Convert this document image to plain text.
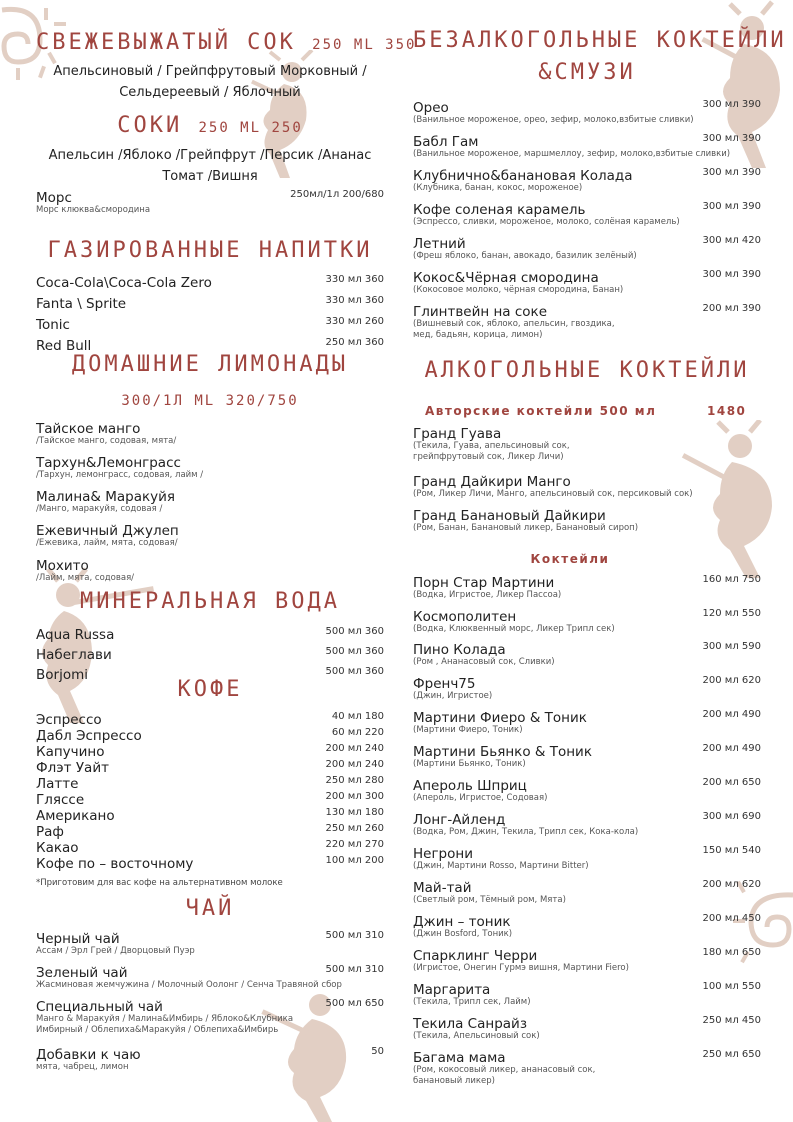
СВЕЖЕВЫЖАТЫЙ СОК 250 ML 350
Апельсиновый / Грейпфрутовый Морковный /
Сельдереевый / Яблочный
СОКИ 250 ML 250
Апельсин /Яблоко /Грейпфрут /Персик /Ананас
Томат /Вишня
Морс	250мл/1л 200/680
Морс клюква&смородина
ГАЗИРОВАННЫЕ НАПИТКИ
Coca-Cola\Coca-Cola Zero	330 мл 360
Fanta \ Sprite	330 мл 360
Tonic	330 мл 260
Red Bull	250 мл 360
ДОМАШНИЕ ЛИМОНАДЫ
300/1Л ML 320/750
Тайское манго
/Тайское манго, содовая, мята/
Тархун&Лемонграсс
/Тархун, лемонграсс, содовая, лайм /
Малина& Маракуйя
/Манго, маракуйя, содовая /
Ежевичный Джулеп
/Ежевика, лайм, мята, содовая/
Мохито
/Лайм, мята, содовая/
МИНЕРАЛЬНАЯ ВОДА
Aqua Russa	500 мл 360
Набеглави	500 мл 360
Borjomi	500 мл 360
КОФЕ
Эспрессо	40 мл 180
Дабл Эспрессо	60 мл 220
Капучино	200 мл 240
Флэт Уайт	200 мл 240
Латте	250 мл 280
Гляссе	200 мл 300
Американо	130 мл 180
Раф	250 мл 260
Какао	220 мл 270
Кофе по – восточному	100 мл 200
*Приготовим для вас кофе на альтернативном молоке
ЧАЙ
Черный чай	500 мл 310
Ассам / Эрл Грей / Дворцовый Пуэр
Зеленый чай	500 мл 310
Жасминовая жемчужина / Молочный Оолонг / Сенча Травяной сбор
Специальный чай	500 мл 650
Манго & Маракуйя / Малина&Имбирь / Яблоко&Клубника Имбирный / Облепиха&Маракуйя / Облепиха&Имбирь
Добавки к чаю	50
мята, чабрец, лимон
БЕЗАЛКОГОЛЬНЫЕ КОКТЕЙЛИ
&СМУЗИ
Орео	300 мл 390
(Ванильное мороженое, орео, зефир, молоко,взбитые сливки)
Бабл Гам	300 мл 390
(Ванильное мороженое, маршмеллоу, зефир, молоко,взбитые сливки)
Клубнично&банановая Колада	300 мл 390
(Клубника, банан, кокос, мороженое)
Кофе соленая карамель	300 мл 390
(Эспрессо, сливки, мороженое, молоко, солёная карамель)
Летний	300 мл 420
(Фреш яблоко, банан, авокадо, базилик зелёный)
Кокос&Чёрная смородина	300 мл 390
(Кокосовое молоко, чёрная смородина, Банан)
Глинтвейн на соке	200 мл 390
(Вишневый сок, яблоко, апельсин, гвоздика, мед, бадьян, корица, лимон)
АЛКОГОЛЬНЫЕ КОКТЕЙЛИ
Авторские коктейли 500 мл	1480
Гранд Гуава
(Текила, Гуава, апельсиновый сок, грейпфрутовый сок, Ликер Личи)
Гранд Дайкири Манго
(Ром, Ликер Личи, Манго, апельсиновый сок, персиковый сок)
Гранд Банановый Дайкири
(Ром, Банан, Банановый ликер, Банановый сироп)
Коктейли
Порн Стар Мартини	160 мл 750
(Водка, Игристое, Ликер Пассоа)
Космополитен	120 мл 550
(Водка, Клюквенный морс, Ликер Трипл сек)
Пино Колада	300 мл 590
(Ром , Ананасовый сок, Сливки)
Френч75	200 мл 620
(Джин, Игристое)
Мартини Фиеро & Тоник	200 мл 490
(Мартини Фиеро, Тоник)
Мартини Бьянко & Тоник	200 мл 490
(Мартини Бьянко, Тоник)
Апероль Шприц	200 мл 650
(Апероль, Игристое, Содовая)
Лонг-Айленд	300 мл 690
(Водка, Ром, Джин, Текила, Трипл сек, Кока-кола)
Негрони	150 мл 540
(Джин, Мартини Rosso, Мартини Bitter)
Май-тай	200 мл 620
(Светлый ром, Тёмный ром, Мята)
Джин – тоник	200 мл 450
(Джин Bosford, Тоник)
Спарклинг Черри	180 мл 650
(Игристое, Онегин Гурмэ вишня, Мартини Fiero)
Маргарита	100 мл 550
(Текила, Трипл сек, Лайм)
Текила Санрайз	250 мл 450
(Текила, Апельсиновый сок)
Багама мама	250 мл 650
(Ром, кокосовый ликер, ананасовый сок, банановый ликер)
